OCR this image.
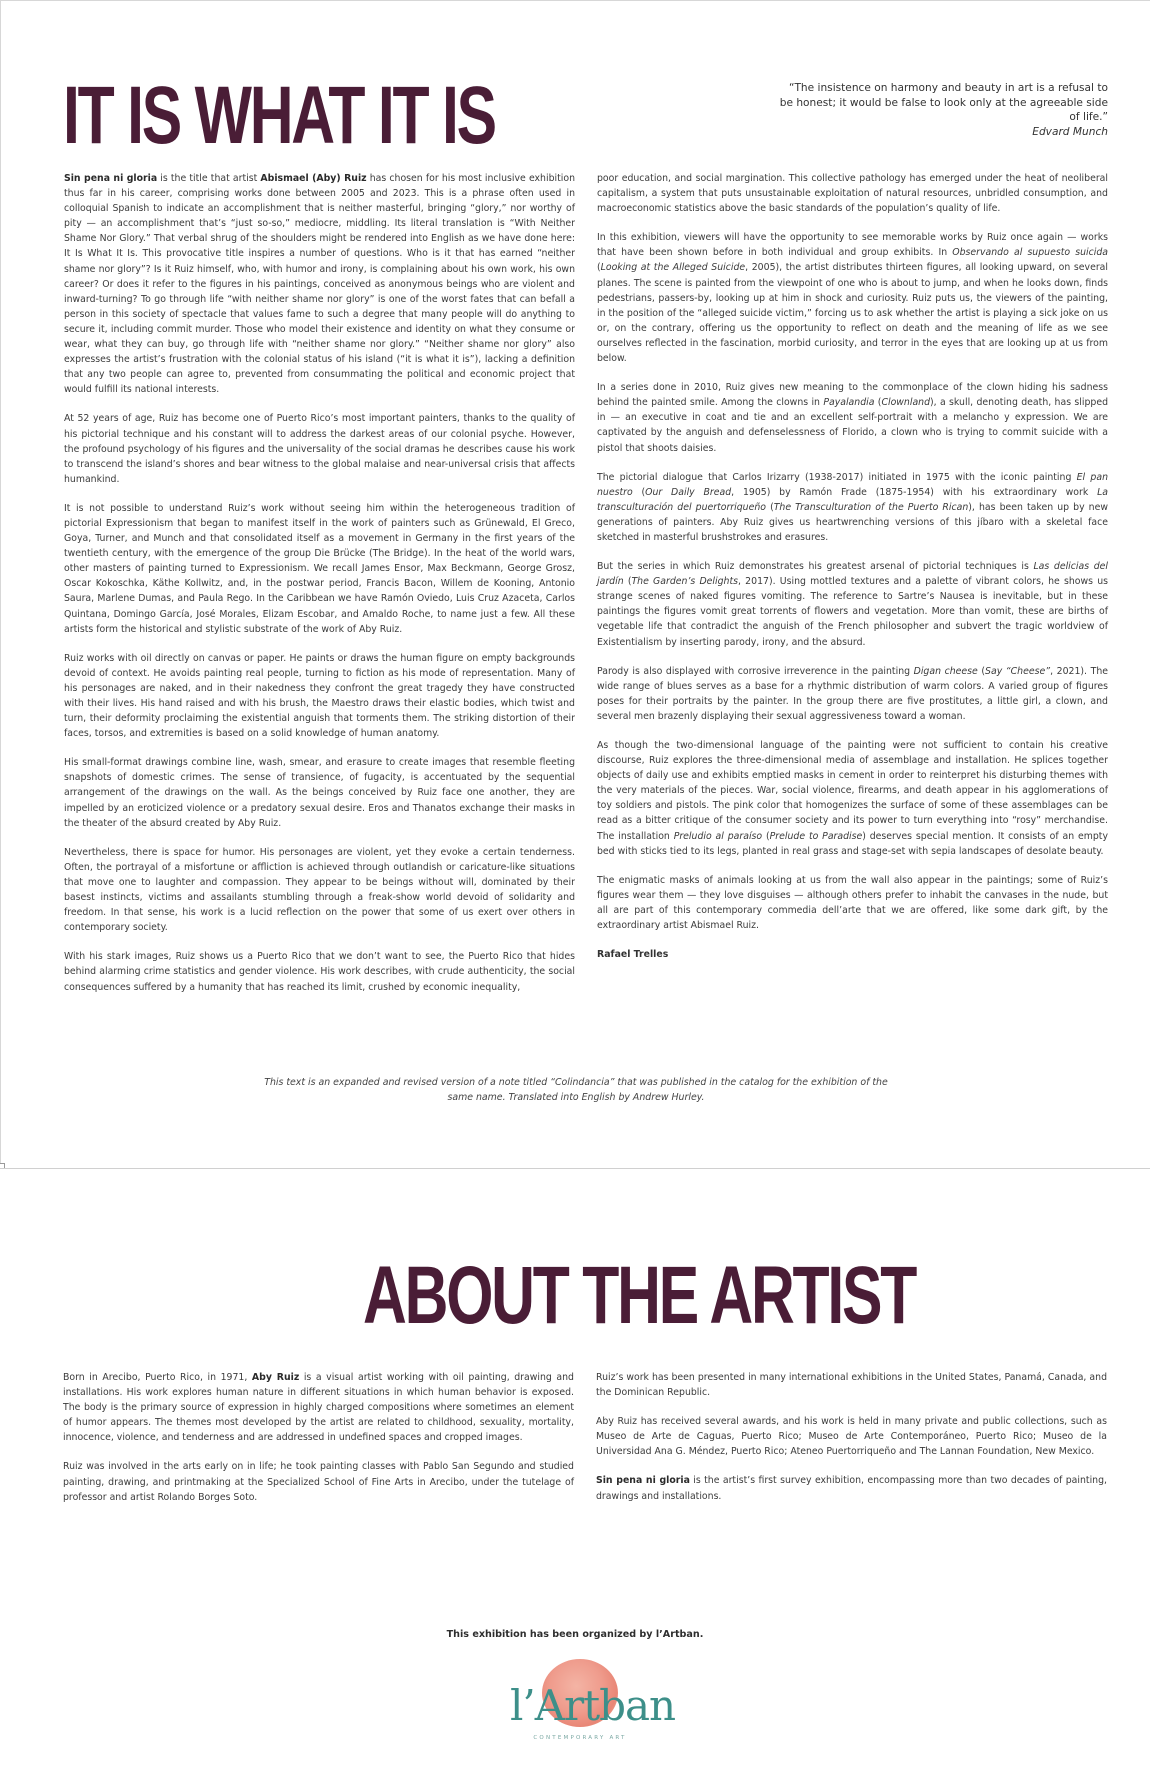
IT IS WHAT IT IS	“The insistence on harmony and beauty in art is a refusal to be honest; it would be false to look only at the agreeable side of life.”
Edvard Munch

Sin pena ni gloria is the title that artist Abismael (Aby) Ruiz has chosen for his most inclusive exhibition thus far in his career, comprising works done between 2005 and 2023. This is a phrase often used in colloquial Spanish to indicate an accomplishment that is neither masterful, bringing “glory,” nor worthy of pity — an accomplishment that’s “just so-so,” mediocre, middling. Its literal translation is “With Neither Shame Nor Glory.” That verbal shrug of the shoulders might be rendered into English as we have done here: It Is What It Is. This provocative title inspires a number of questions. Who is it that has earned “neither shame nor glory”? Is it Ruiz himself, who, with humor and irony, is complaining about his own work, his own career? Or does it refer to the figures in his paintings, conceived as anonymous beings who are violent and inward-turning? To go through life “with neither shame nor glory” is one of the worst fates that can befall a person in this society of spectacle that values fame to such a degree that many people will do anything to secure it, including commit murder. Those who model their existence and identity on what they consume or wear, what they can buy, go through life with “neither shame nor glory.” “Neither shame nor glory” also expresses the artist’s frustration with the colonial status of his island (“it is what it is”), lacking a definition that any two people can agree to, prevented from consummating the political and economic project that would fulfill its national interests.

At 52 years of age, Ruiz has become one of Puerto Rico’s most important painters, thanks to the quality of his pictorial technique and his constant will to address the darkest areas of our colonial psyche. However, the profound psychology of his figures and the universality of the social dramas he describes cause his work to transcend the island’s shores and bear witness to the global malaise and near-universal crisis that affects humankind.

It is not possible to understand Ruiz’s work without seeing him within the heterogeneous tradition of pictorial Expressionism that began to manifest itself in the work of painters such as Grünewald, El Greco, Goya, Turner, and Munch and that consolidated itself as a movement in Germany in the first years of the twentieth century, with the emergence of the group Die Brücke (The Bridge). In the heat of the world wars, other masters of painting turned to Expressionism. We recall James Ensor, Max Beckmann, George Grosz, Oscar Kokoschka, Käthe Kollwitz, and, in the postwar period, Francis Bacon, Willem de Kooning, Antonio Saura, Marlene Dumas, and Paula Rego. In the Caribbean we have Ramón Oviedo, Luis Cruz Azaceta, Carlos Quintana, Domingo García, José Morales, Elizam Escobar, and Amaldo Roche, to name just a few. All these artists form the historical and stylistic substrate of the work of Aby Ruiz.

Ruiz works with oil directly on canvas or paper. He paints or draws the human figure on empty backgrounds devoid of context. He avoids painting real people, turning to fiction as his mode of representation. Many of his personages are naked, and in their nakedness they confront the great tragedy they have constructed with their lives. His hand raised and with his brush, the Maestro draws their elastic bodies, which twist and turn, their deformity proclaiming the existential anguish that torments them. The striking distortion of their faces, torsos, and extremities is based on a solid knowledge of human anatomy.

His small-format drawings combine line, wash, smear, and erasure to create images that resemble fleeting snapshots of domestic crimes. The sense of transience, of fugacity, is accentuated by the sequential arrangement of the drawings on the wall. As the beings conceived by Ruiz face one another, they are impelled by an eroticized violence or a predatory sexual desire. Eros and Thanatos exchange their masks in the theater of the absurd created by Aby Ruiz.

Nevertheless, there is space for humor. His personages are violent, yet they evoke a certain tenderness. Often, the portrayal of a misfortune or affliction is achieved through outlandish or caricature-like situations that move one to laughter and compassion. They appear to be beings without will, dominated by their basest instincts, victims and assailants stumbling through a freak-show world devoid of solidarity and freedom. In that sense, his work is a lucid reflection on the power that some of us exert over others in contemporary society.

With his stark images, Ruiz shows us a Puerto Rico that we don’t want to see, the Puerto Rico that hides behind alarming crime statistics and gender violence. His work describes, with crude authenticity, the social consequences suffered by a humanity that has reached its limit, crushed by economic inequality,

poor education, and social margination. This collective pathology has emerged under the heat of neoliberal capitalism, a system that puts unsustainable exploitation of natural resources, unbridled consumption, and macroeconomic statistics above the basic standards of the population’s quality of life.

In this exhibition, viewers will have the opportunity to see memorable works by Ruiz once again — works that have been shown before in both individual and group exhibits. In Observando al supuesto suicida (Looking at the Alleged Suicide, 2005), the artist distributes thirteen figures, all looking upward, on several planes. The scene is painted from the viewpoint of one who is about to jump, and when he looks down, finds pedestrians, passers-by, looking up at him in shock and curiosity. Ruiz puts us, the viewers of the painting, in the position of the “alleged suicide victim,” forcing us to ask whether the artist is playing a sick joke on us or, on the contrary, offering us the opportunity to reflect on death and the meaning of life as we see ourselves reflected in the fascination, morbid curiosity, and terror in the eyes that are looking up at us from below.

In a series done in 2010, Ruiz gives new meaning to the commonplace of the clown hiding his sadness behind the painted smile. Among the clowns in Payalandia (Clownland), a skull, denoting death, has slipped in — an executive in coat and tie and an excellent self-portrait with a melancho y expression. We are captivated by the anguish and defenselessness of Florido, a clown who is trying to commit suicide with a pistol that shoots daisies.

The pictorial dialogue that Carlos Irizarry (1938-2017) initiated in 1975 with the iconic painting El pan nuestro (Our Daily Bread, 1905) by Ramón Frade (1875-1954) with his extraordinary work La transculturación del puertorriqueño (The Transculturation of the Puerto Rican), has been taken up by new generations of painters. Aby Ruiz gives us heartwrenching versions of this jíbaro with a skeletal face sketched in masterful brushstrokes and erasures.

But the series in which Ruiz demonstrates his greatest arsenal of pictorial techniques is Las delicias del jardín (The Garden’s Delights, 2017). Using mottled textures and a palette of vibrant colors, he shows us strange scenes of naked figures vomiting. The reference to Sartre’s Nausea is inevitable, but in these paintings the figures vomit great torrents of flowers and vegetation. More than vomit, these are births of vegetable life that contradict the anguish of the French philosopher and subvert the tragic worldview of Existentialism by inserting parody, irony, and the absurd.

Parody is also displayed with corrosive irreverence in the painting Digan cheese (Say “Cheese”, 2021). The wide range of blues serves as a base for a rhythmic distribution of warm colors. A varied group of figures poses for their portraits by the painter. In the group there are five prostitutes, a little girl, a clown, and several men brazenly displaying their sexual aggressiveness toward a woman.

As though the two-dimensional language of the painting were not sufficient to contain his creative discourse, Ruiz explores the three-dimensional media of assemblage and installation. He splices together objects of daily use and exhibits emptied masks in cement in order to reinterpret his disturbing themes with the very materials of the pieces. War, social violence, firearms, and death appear in his agglomerations of toy soldiers and pistols. The pink color that homogenizes the surface of some of these assemblages can be read as a bitter critique of the consumer society and its power to turn everything into “rosy” merchandise. The installation Preludio al paraíso (Prelude to Paradise) deserves special mention. It consists of an empty bed with sticks tied to its legs, planted in real grass and stage-set with sepia landscapes of desolate beauty.

The enigmatic masks of animals looking at us from the wall also appear in the paintings; some of Ruiz’s figures wear them — they love disguises — although others prefer to inhabit the canvases in the nude, but all are part of this contemporary commedia dell’arte that we are offered, like some dark gift, by the extraordinary artist Abismael Ruiz.

Rafael Trelles

This text is an expanded and revised version of a note titled “Colindancia” that was published in the catalog for the exhibition of the same name. Translated into English by Andrew Hurley.
ABOUT THE ARTIST

Born in Arecibo, Puerto Rico, in 1971, Aby Ruiz is a visual artist working with oil painting, drawing and installations. His work explores human nature in different situations in which human behavior is exposed. The body is the primary source of expression in highly charged compositions where sometimes an element of humor appears. The themes most developed by the artist are related to childhood, sexuality, mortality, innocence, violence, and tenderness and are addressed in undefined spaces and cropped images.

Ruiz was involved in the arts early on in life; he took painting classes with Pablo San Segundo and studied painting, drawing, and printmaking at the Specialized School of Fine Arts in Arecibo, under the tutelage of professor and artist Rolando Borges Soto.

Ruiz’s work has been presented in many international exhibitions in the United States, Panamá, Canada, and the Dominican Republic.

Aby Ruiz has received several awards, and his work is held in many private and public collections, such as Museo de Arte de Caguas, Puerto Rico; Museo de Arte Contemporáneo, Puerto Rico; Museo de la Universidad Ana G. Méndez, Puerto Rico; Ateneo Puertorriqueño and The Lannan Foundation, New Mexico.

Sin pena ni gloria is the artist’s first survey exhibition, encompassing more than two decades of painting, drawings and installations.

This exhibition has been organized by l’Artban.
l’Artban
CONTEMPORARY ART
